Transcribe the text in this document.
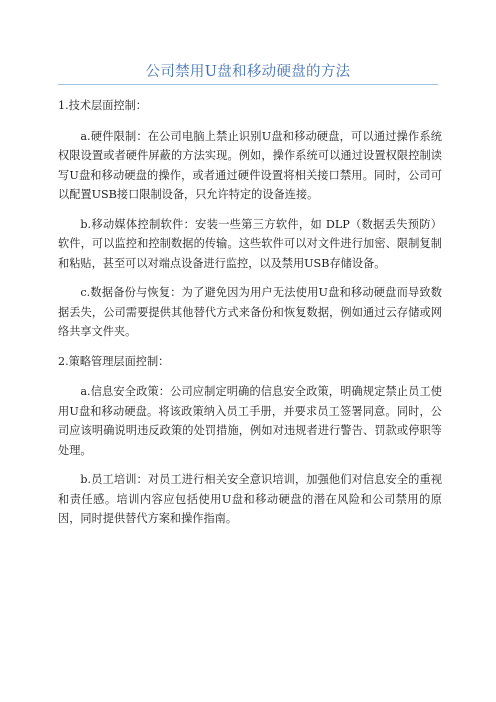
公司禁用U盘和移动硬盘的方法

1.技术层面控制：

a.硬件限制：在公司电脑上禁止识别U盘和移动硬盘，可以通过操作系统权限设置或者硬件屏蔽的方法实现。例如，操作系统可以通过设置权限控制读写U盘和移动硬盘的操作，或者通过硬件设置将相关接口禁用。同时，公司可以配置USB接口限制设备，只允许特定的设备连接。

b.移动媒体控制软件：安装一些第三方软件，如 DLP（数据丢失预防）软件，可以监控和控制数据的传输。这些软件可以对文件进行加密、限制复制和粘贴，甚至可以对端点设备进行监控，以及禁用USB存储设备。

c.数据备份与恢复：为了避免因为用户无法使用U盘和移动硬盘而导致数据丢失，公司需要提供其他替代方式来备份和恢复数据，例如通过云存储或网络共享文件夹。

2.策略管理层面控制：

a.信息安全政策：公司应制定明确的信息安全政策，明确规定禁止员工使用U盘和移动硬盘。将该政策纳入员工手册，并要求员工签署同意。同时，公司应该明确说明违反政策的处罚措施，例如对违规者进行警告、罚款或停职等处理。

b.员工培训：对员工进行相关安全意识培训，加强他们对信息安全的重视和责任感。培训内容应包括使用U盘和移动硬盘的潜在风险和公司禁用的原因，同时提供替代方案和操作指南。
